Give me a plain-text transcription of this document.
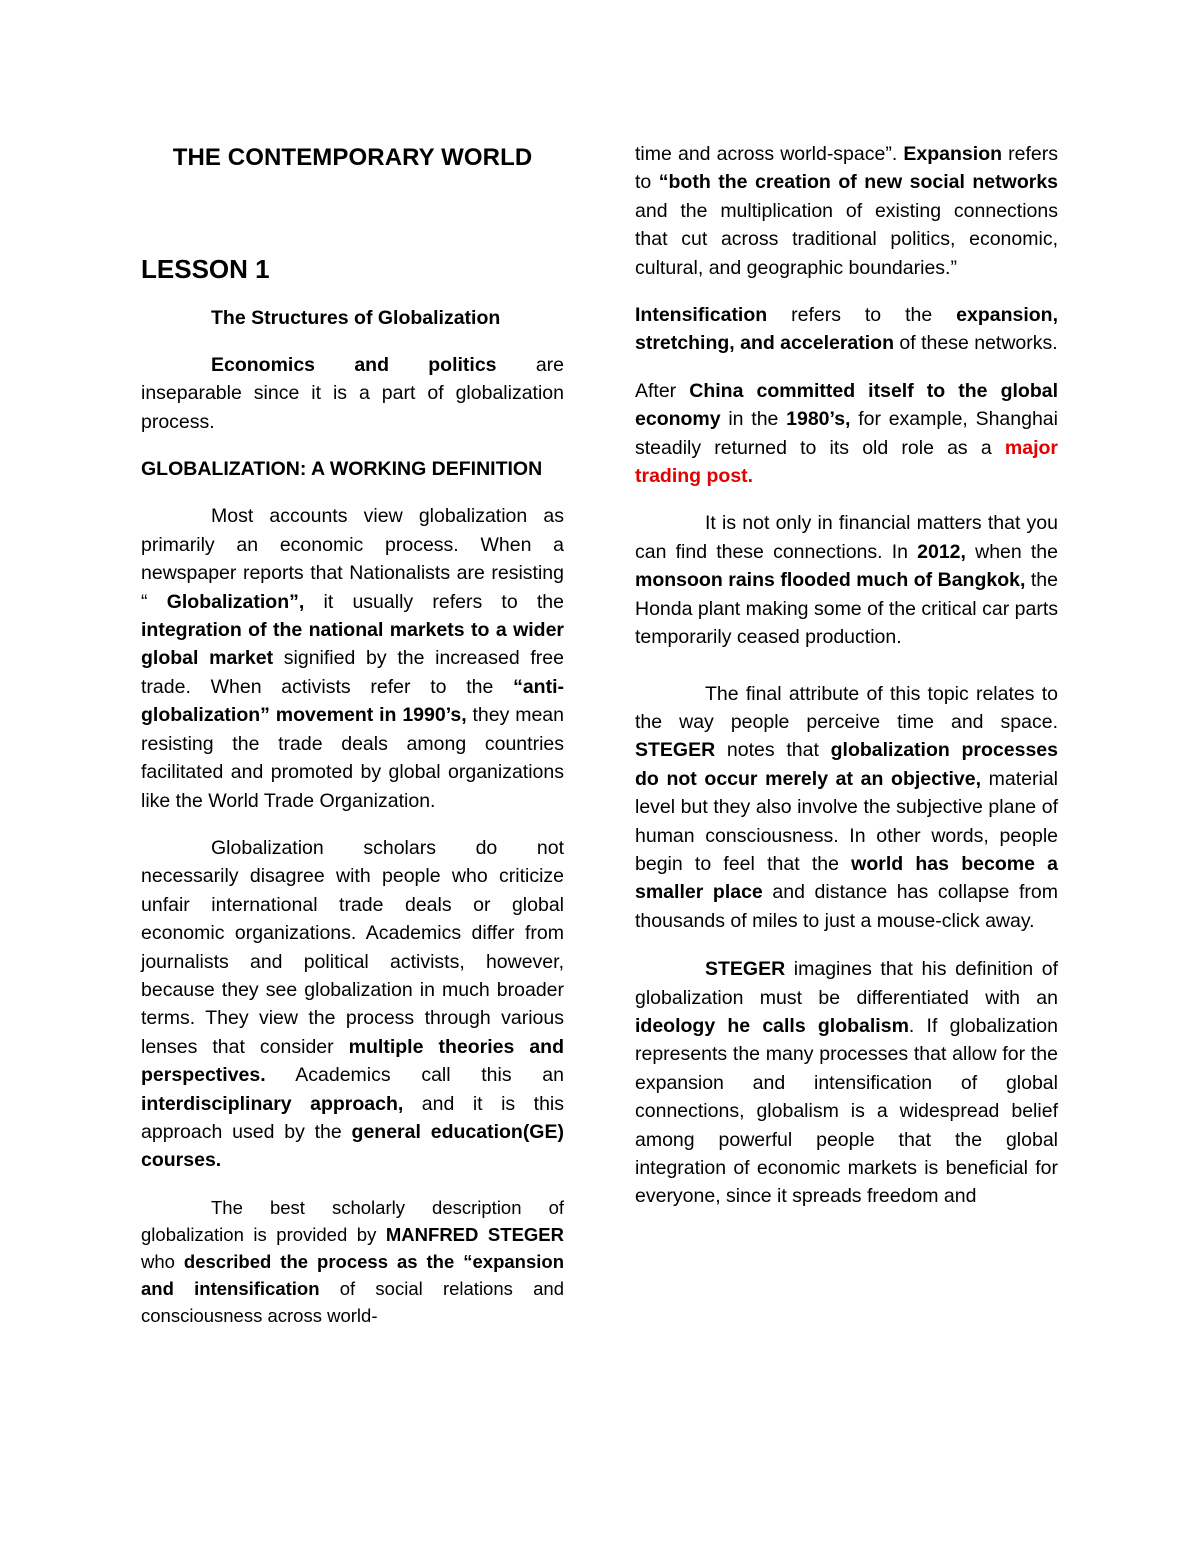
THE CONTEMPORARY WORLD
LESSON 1
The Structures of Globalization

Economics and politics are inseparable since it is a part of globalization process.

GLOBALIZATION: A WORKING DEFINITION

Most accounts view globalization as primarily an economic process. When a newspaper reports that Nationalists are resisting “ Globalization”, it usually refers to the integration of the national markets to a wider global market signified by the increased free trade. When activists refer to the “anti-globalization” movement in 1990’s, they mean resisting the trade deals among countries facilitated and promoted by global organizations like the World Trade Organization.

Globalization scholars do not necessarily disagree with people who criticize unfair international trade deals or global economic organizations. Academics differ from journalists and political activists, however, because they see globalization in much broader terms. They view the process through various lenses that consider multiple theories and perspectives. Academics call this an interdisciplinary approach, and it is this approach used by the general education(GE) courses.

The best scholarly description of globalization is provided by MANFRED STEGER who described the process as the “expansion and intensification of social relations and consciousness across world-

time and across world-space”. Expansion refers to “both the creation of new social networks and the multiplication of existing connections that cut across traditional politics, economic, cultural, and geographic boundaries.”

Intensification refers to the expansion, stretching, and acceleration of these networks.

After China committed itself to the global economy in the 1980’s, for example, Shanghai steadily returned to its old role as a major trading post.

It is not only in financial matters that you can find these connections. In 2012, when the monsoon rains flooded much of Bangkok, the Honda plant making some of the critical car parts temporarily ceased production.

The final attribute of this topic relates to the way people perceive time and space. STEGER notes that globalization processes do not occur merely at an objective, material level but they also involve the subjective plane of human consciousness. In other words, people begin to feel that the world has become a smaller place and distance has collapse from thousands of miles to just a mouse-click away.

STEGER imagines that his definition of globalization must be differentiated with an ideology he calls globalism. If globalization represents the many processes that allow for the expansion and intensification of global connections, globalism is a widespread belief among powerful people that the global integration of economic markets is beneficial for everyone, since it spreads freedom and
